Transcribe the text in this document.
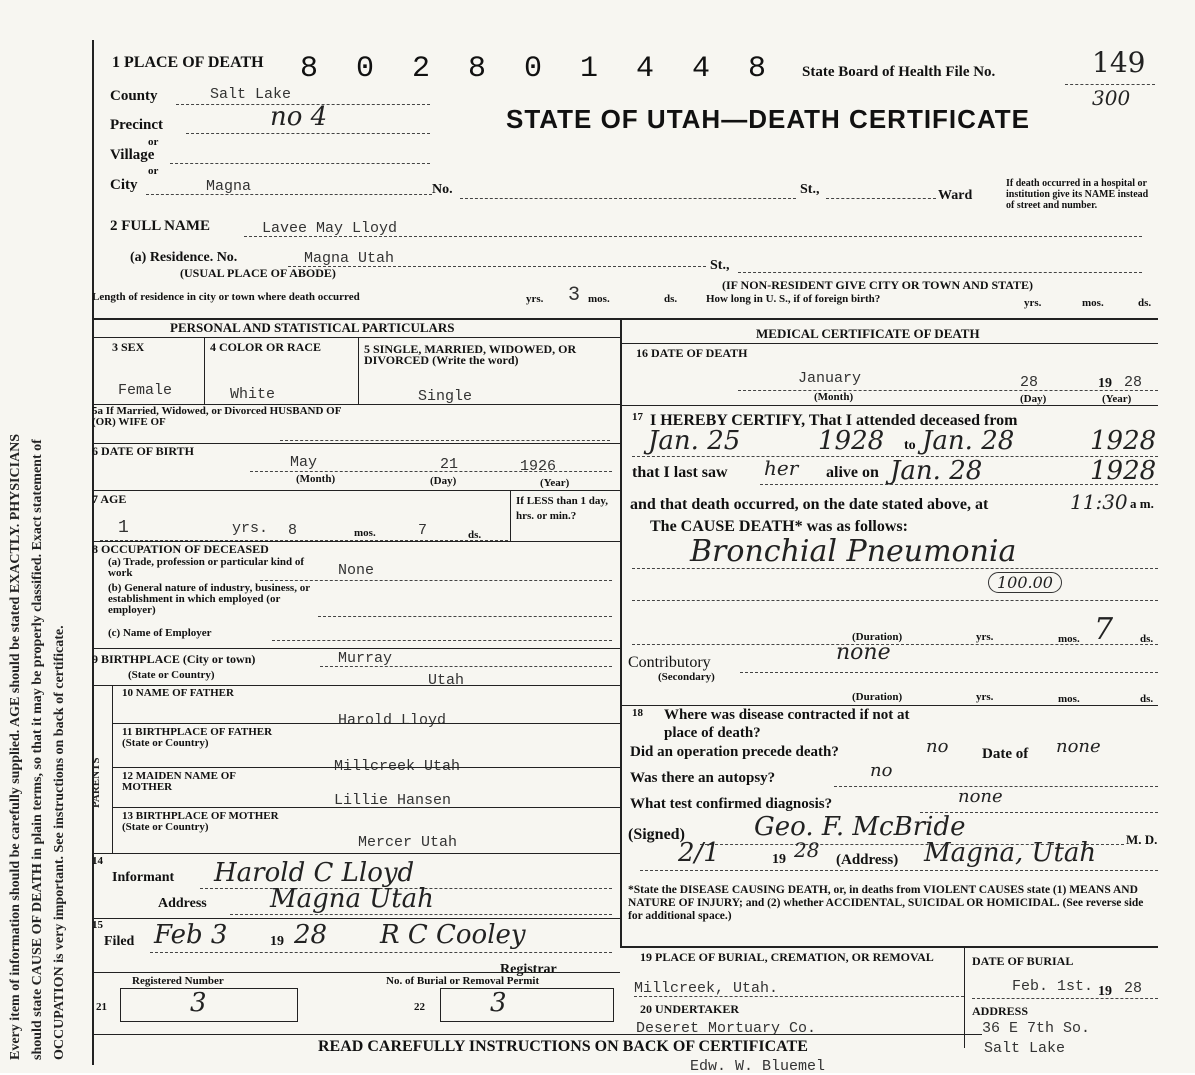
Every item of information should be carefully supplied. AGE should be stated EXACTLY. PHYSICIANS should state CAUSE OF DEATH in plain terms, so that it may be properly classified. Exact statement of OCCUPATION is very important. See instructions on back of certificate.
1 PLACE OF DEATH 8 0 2 8 0 1 4 4 8 State Board of Health File No.	149
300
STATE OF UTAH—DEATH CERTIFICATE
County	Salt Lake
Precinct	no 4
or
Village
or
City	Magna	No.	St.,	Ward
If death occurred in a hospital or institution give its NAME instead of street and number.
2 FULL NAME	Lavee May Lloyd
(a) Residence. No.	Magna Utah	St.,
(USUAL PLACE OF ABODE)
(IF NON-RESIDENT GIVE CITY OR TOWN AND STATE)
Length of residence in city or town where death occurred	yrs. 3 mos.	ds.	How long in U. S., if of foreign birth?	yrs.	mos.	ds.
PERSONAL AND STATISTICAL PARTICULARS
3 SEX	4 COLOR OR RACE	5 SINGLE, MARRIED, WIDOWED, OR DIVORCED (Write the word)
Female	White	Single
5a If Married, Widowed, or Divorced HUSBAND OF (OR) WIFE OF
6 DATE OF BIRTH
May	21	1926
(Month)	(Day)	(Year)
7 AGE
1	yrs. 8	mos.	7	ds.
If LESS than 1 day, hrs. or min.?
8 OCCUPATION OF DECEASED
(a) Trade, profession or particular kind of work	None
(b) General nature of industry, business, or establishment in which employed (or employer)
(c) Name of Employer
9 BIRTHPLACE (City or town)	Murray
(State or Country)	Utah
PARENTS
10 NAME OF FATHER
Harold Lloyd
11 BIRTHPLACE OF FATHER (State or Country)
Millcreek Utah
12 MAIDEN NAME OF MOTHER
Lillie Hansen
13 BIRTHPLACE OF MOTHER (State or Country)
Mercer Utah
14
Informant Harold C Lloyd
Address Magna Utah
15
Filed Feb 3	19 28 R C Cooley
Registrar
Registered Number
21	3
No. of Burial or Removal Permit
22	3
MEDICAL CERTIFICATE OF DEATH
16 DATE OF DEATH
January	28	19 28
(Month)	(Day)	(Year)
17 I HEREBY CERTIFY, That I attended deceased from
Jan. 25	1928 to Jan. 28	1928
that I last saw her alive on Jan. 28	1928
and that death occurred, on the date stated above, at	11:30 a m.
The CAUSE DEATH* was as follows:
Bronchial Pneumonia
100.00
(Duration)	yrs.	mos. 7 ds.
Contributory
(Secondary)
none
(Duration)	yrs.	mos.	ds.
18 Where was disease contracted if not at place of death?
Did an operation precede death?	no Date of none
Was there an autopsy?	no
What test confirmed diagnosis?	none
(Signed)	Geo. F. McBride	M. D.
2/1	19 28 (Address) Magna, Utah
*State the DISEASE CAUSING DEATH, or, in deaths from VIOLENT CAUSES state (1) MEANS AND NATURE OF INJURY; and (2) whether ACCIDENTAL, SUICIDAL OR HOMICIDAL. (See reverse side for additional space.)
19 PLACE OF BURIAL, CREMATION, OR REMOVAL
Millcreek, Utah.
DATE OF BURIAL
Feb. 1st. 19 28
20 UNDERTAKER
Deseret Mortuary Co.
ADDRESS
36 E 7th So.
Salt Lake
Edw. W. Bluemel
READ CAREFULLY INSTRUCTIONS ON BACK OF CERTIFICATE
